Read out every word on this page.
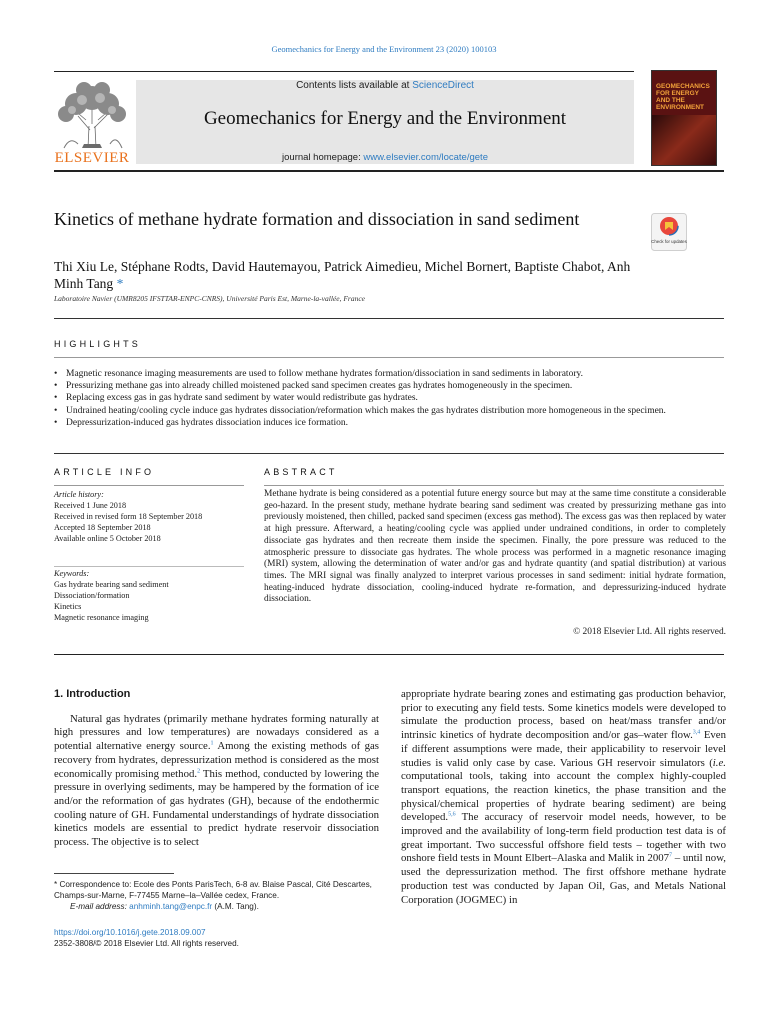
Geomechanics for Energy and the Environment 23 (2020) 100103
ELSEVIER
Contents lists available at ScienceDirect
Geomechanics for Energy and the Environment
journal homepage: www.elsevier.com/locate/gete
GEOMECHANICS FOR ENERGY AND THE ENVIRONMENT
Kinetics of methane hydrate formation and dissociation in sand sediment
Check for updates
Thi Xiu Le, Stéphane Rodts, David Hautemayou, Patrick Aimedieu, Michel Bornert, Baptiste Chabot, Anh Minh Tang *
Laboratoire Navier (UMR8205 IFSTTAR-ENPC-CNRS), Université Paris Est, Marne-la-vallée, France
HIGHLIGHTS
• Magnetic resonance imaging measurements are used to follow methane hydrates formation/dissociation in sand sediments in laboratory.
• Pressurizing methane gas into already chilled moistened packed sand specimen creates gas hydrates homogeneously in the specimen.
• Replacing excess gas in gas hydrate sand sediment by water would redistribute gas hydrates.
• Undrained heating/cooling cycle induce gas hydrates dissociation/reformation which makes the gas hydrates distribution more homogeneous in the specimen.
• Depressurization-induced gas hydrates dissociation induces ice formation.
ARTICLE INFO	ABSTRACT
Article history:
Received 1 June 2018
Received in revised form 18 September 2018
Accepted 18 September 2018
Available online 5 October 2018
Keywords:
Gas hydrate bearing sand sediment
Dissociation/formation
Kinetics
Magnetic resonance imaging
Methane hydrate is being considered as a potential future energy source but may at the same time constitute a considerable geo-hazard. In the present study, methane hydrate bearing sand sediment was created by pressurizing methane gas into previously moistened, then chilled, packed sand specimen (excess gas method). The excess gas was then replaced by water at high pressure. Afterward, a heating/cooling cycle was applied under undrained conditions, in order to completely dissociate gas hydrates and then recreate them inside the specimen. Finally, the pore pressure was reduced to the atmospheric pressure to dissociate gas hydrates. The whole process was performed in a magnetic resonance imaging (MRI) system, allowing the determination of water and/or gas and hydrate quantity (and spatial distribution) at various times. The MRI signal was finally analyzed to interpret various processes in sand sediment: initial hydrate formation, heating-induced hydrate dissociation, cooling-induced hydrate re-formation, and depressurizing-induced hydrate dissociation.
© 2018 Elsevier Ltd. All rights reserved.
1. Introduction

Natural gas hydrates (primarily methane hydrates forming naturally at high pressures and low temperatures) are nowadays considered as a potential alternative energy source.$^1$ Among the existing methods of gas recovery from hydrates, depressurization method is considered as the most economically promising method.$^2$ This method, conducted by lowering the pressure in overlying sediments, may be hampered by the formation of ice and/or the reformation of gas hydrates (GH), because of the endothermic cooling nature of GH. Fundamental understandings of hydrate dissociation kinetics models are essential to predict hydrate reservoir dissociation process. The objective is to select

appropriate hydrate bearing zones and estimating gas production behavior, prior to executing any field tests. Some kinetics models were developed to simulate the production process, based on heat/mass transfer and/or intrinsic kinetics of hydrate decomposition and/or gas–water flow.$^{3,4}$ Even if different assumptions were made, their applicability to reservoir level studies is valid only case by case. Various GH reservoir simulators (i.e. computational tools, taking into account the complex highly-coupled transport equations, the reaction kinetics, the phase transition and the physical/chemical properties of hydrate bearing sediment) are being developed.$^{5,6}$ The accuracy of reservoir model needs, however, to be improved and the availability of long-term field production test data is of great important. Two successful offshore field tests – together with two onshore field tests in Mount Elbert–Alaska and Malik in 2007$^7$ – until now, used the depressurization method. The first offshore methane hydrate production test was conducted by Japan Oil, Gas, and Metals National Corporation (JOGMEC) in

* Correspondence to: Ecole des Ponts ParisTech, 6-8 av. Blaise Pascal, Cité Descartes, Champs-sur-Marne, F-77455 Marne–la–Vallée cedex, France.
E-mail address: anhminh.tang@enpc.fr (A.M. Tang).
https://doi.org/10.1016/j.gete.2018.09.007
2352-3808/© 2018 Elsevier Ltd. All rights reserved.
